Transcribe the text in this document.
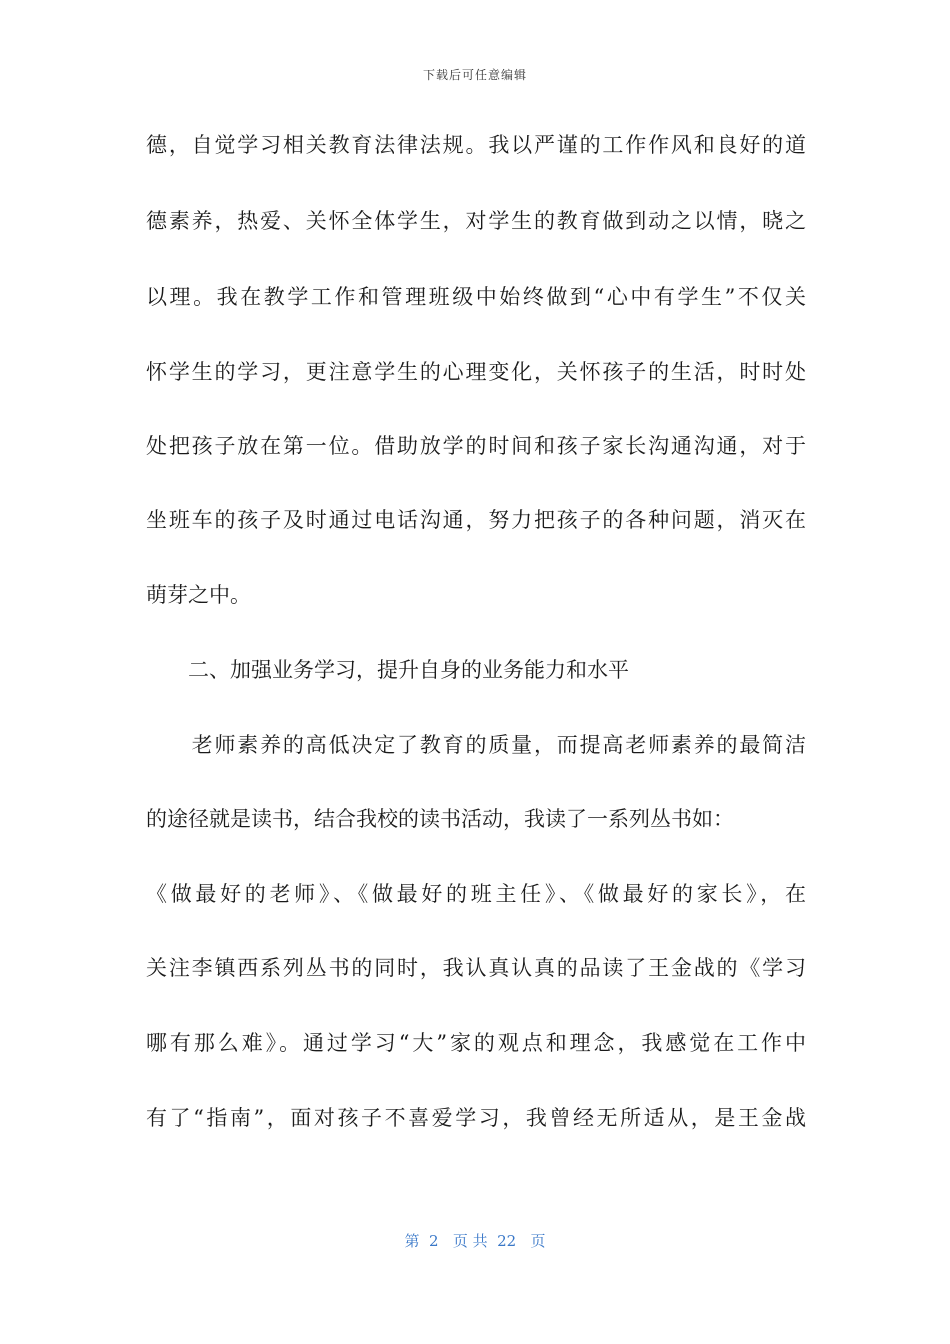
下载后可任意编辑
德，自觉学习相关教育法律法规。我以严谨的工作作风和良好的道
德素养，热爱、关怀全体学生，对学生的教育做到动之以情，晓之
以理。我在教学工作和管理班级中始终做到“心中有学生”不仅关
怀学生的学习，更注意学生的心理变化，关怀孩子的生活，时时处
处把孩子放在第一位。借助放学的时间和孩子家长沟通沟通，对于
坐班车的孩子及时通过电话沟通，努力把孩子的各种问题，消灭在
萌芽之中。
　　二、加强业务学习，提升自身的业务能力和水平
　　老师素养的高低决定了教育的质量，而提高老师素养的最简洁
的途径就是读书，结合我校的读书活动，我读了一系列丛书如：
《做最好的老师》、《做最好的班主任》、《做最好的家长》，在
关注李镇西系列丛书的同时，我认真认真的品读了王金战的《学习
哪有那么难》。通过学习“大”家的观点和理念，我感觉在工作中
有了“指南”，面对孩子不喜爱学习，我曾经无所适从，是王金战
第  2   页 共  22   页
